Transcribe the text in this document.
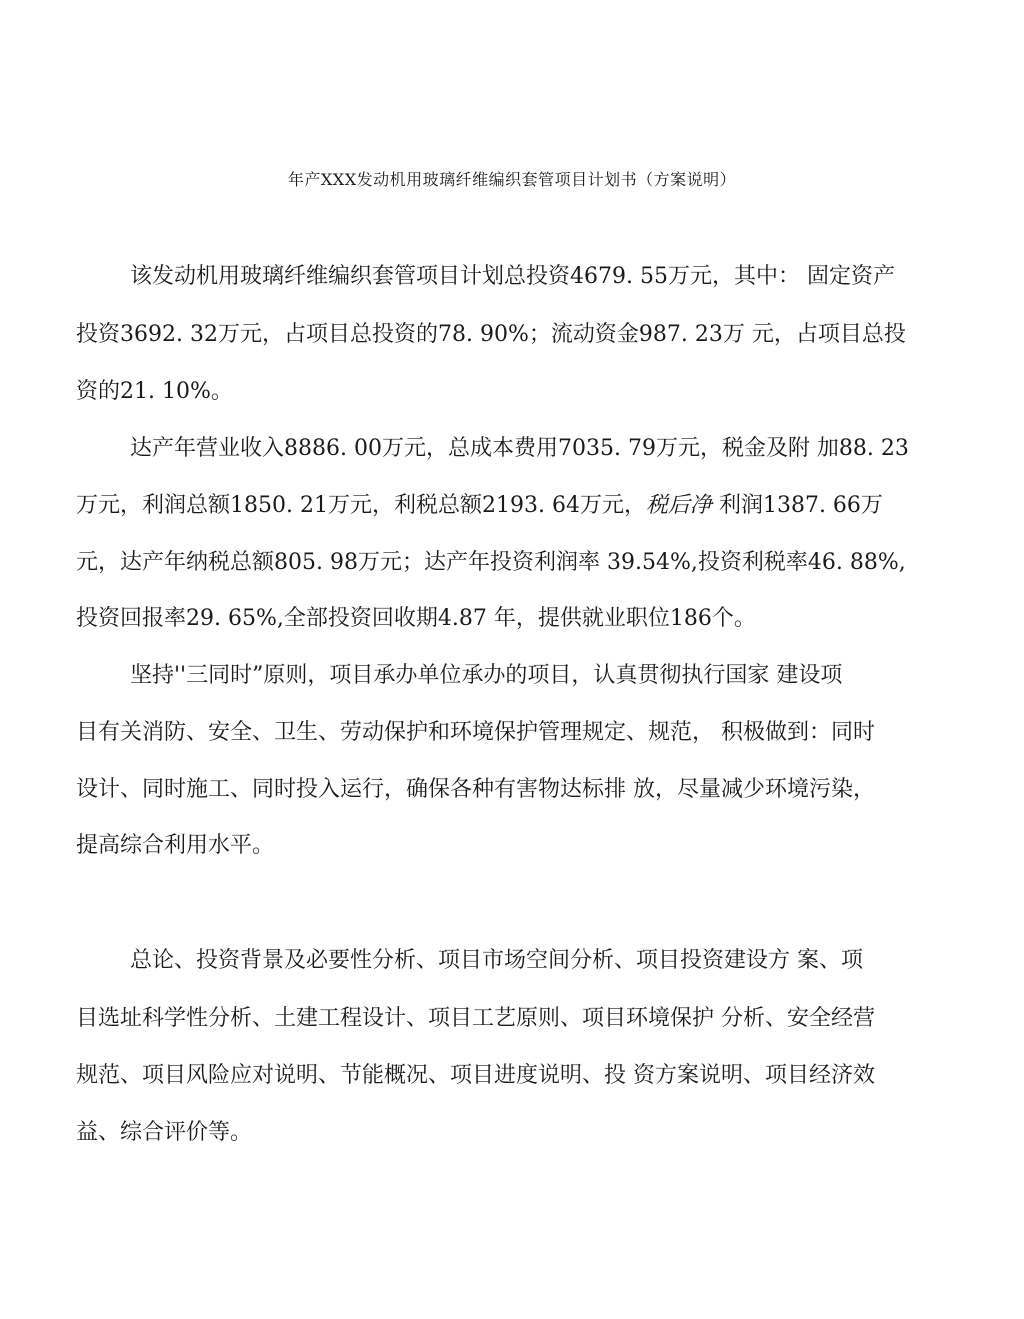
年产XXX发动机用玻璃纤维编织套管项目计划书（方案说明）
该发动机用玻璃纤维编织套管项目计划总投资4679. 55万元，其中： 固定资产
投资3692. 32万元，占项目总投资的78. 90%；流动资金987. 23万 元，占项目总投
资的21. 10%。
达产年营业收入8886. 00万元，总成本费用7035. 79万元，税金及附 加88. 23
万元，利润总额1850. 21万元，利税总额2193. 64万元，税后净 利润1387. 66万
元，达产年纳税总额805. 98万元；达产年投资利润率 39.54%,投资利税率46. 88%,
投资回报率29. 65%,全部投资回收期4.87 年，提供就业职位186个。
坚持''三同时”原则，项目承办单位承办的项目，认真贯彻执行国家 建设项
目有关消防、安全、卫生、劳动保护和环境保护管理规定、规范， 积极做到：同时
设计、同时施工、同时投入运行，确保各种有害物达标排 放，尽量减少环境污染，
提高综合利用水平。
总论、投资背景及必要性分析、项目市场空间分析、项目投资建设方 案、项
目选址科学性分析、土建工程设计、项目工艺原则、项目环境保护 分析、安全经营
规范、项目风险应对说明、节能概况、项目进度说明、投 资方案说明、项目经济效
益、综合评价等。
